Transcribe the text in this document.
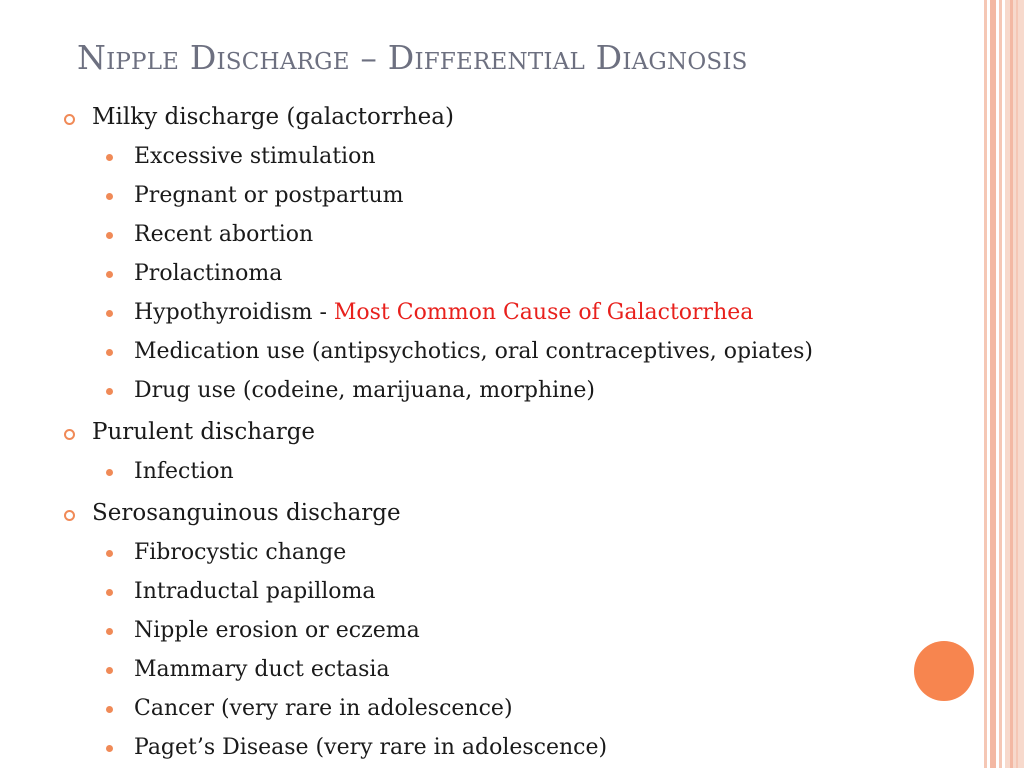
Nipple Discharge – Differential Diagnosis
Milky discharge (galactorrhea)
Excessive stimulation
Pregnant or postpartum
Recent abortion
Prolactinoma
Hypothyroidism - Most Common Cause of Galactorrhea
Medication use (antipsychotics, oral contraceptives, opiates)
Drug use (codeine, marijuana, morphine)
Purulent discharge
Infection
Serosanguinous discharge
Fibrocystic change
Intraductal papilloma
Nipple erosion or eczema
Mammary duct ectasia
Cancer (very rare in adolescence)
Paget’s Disease (very rare in adolescence)
